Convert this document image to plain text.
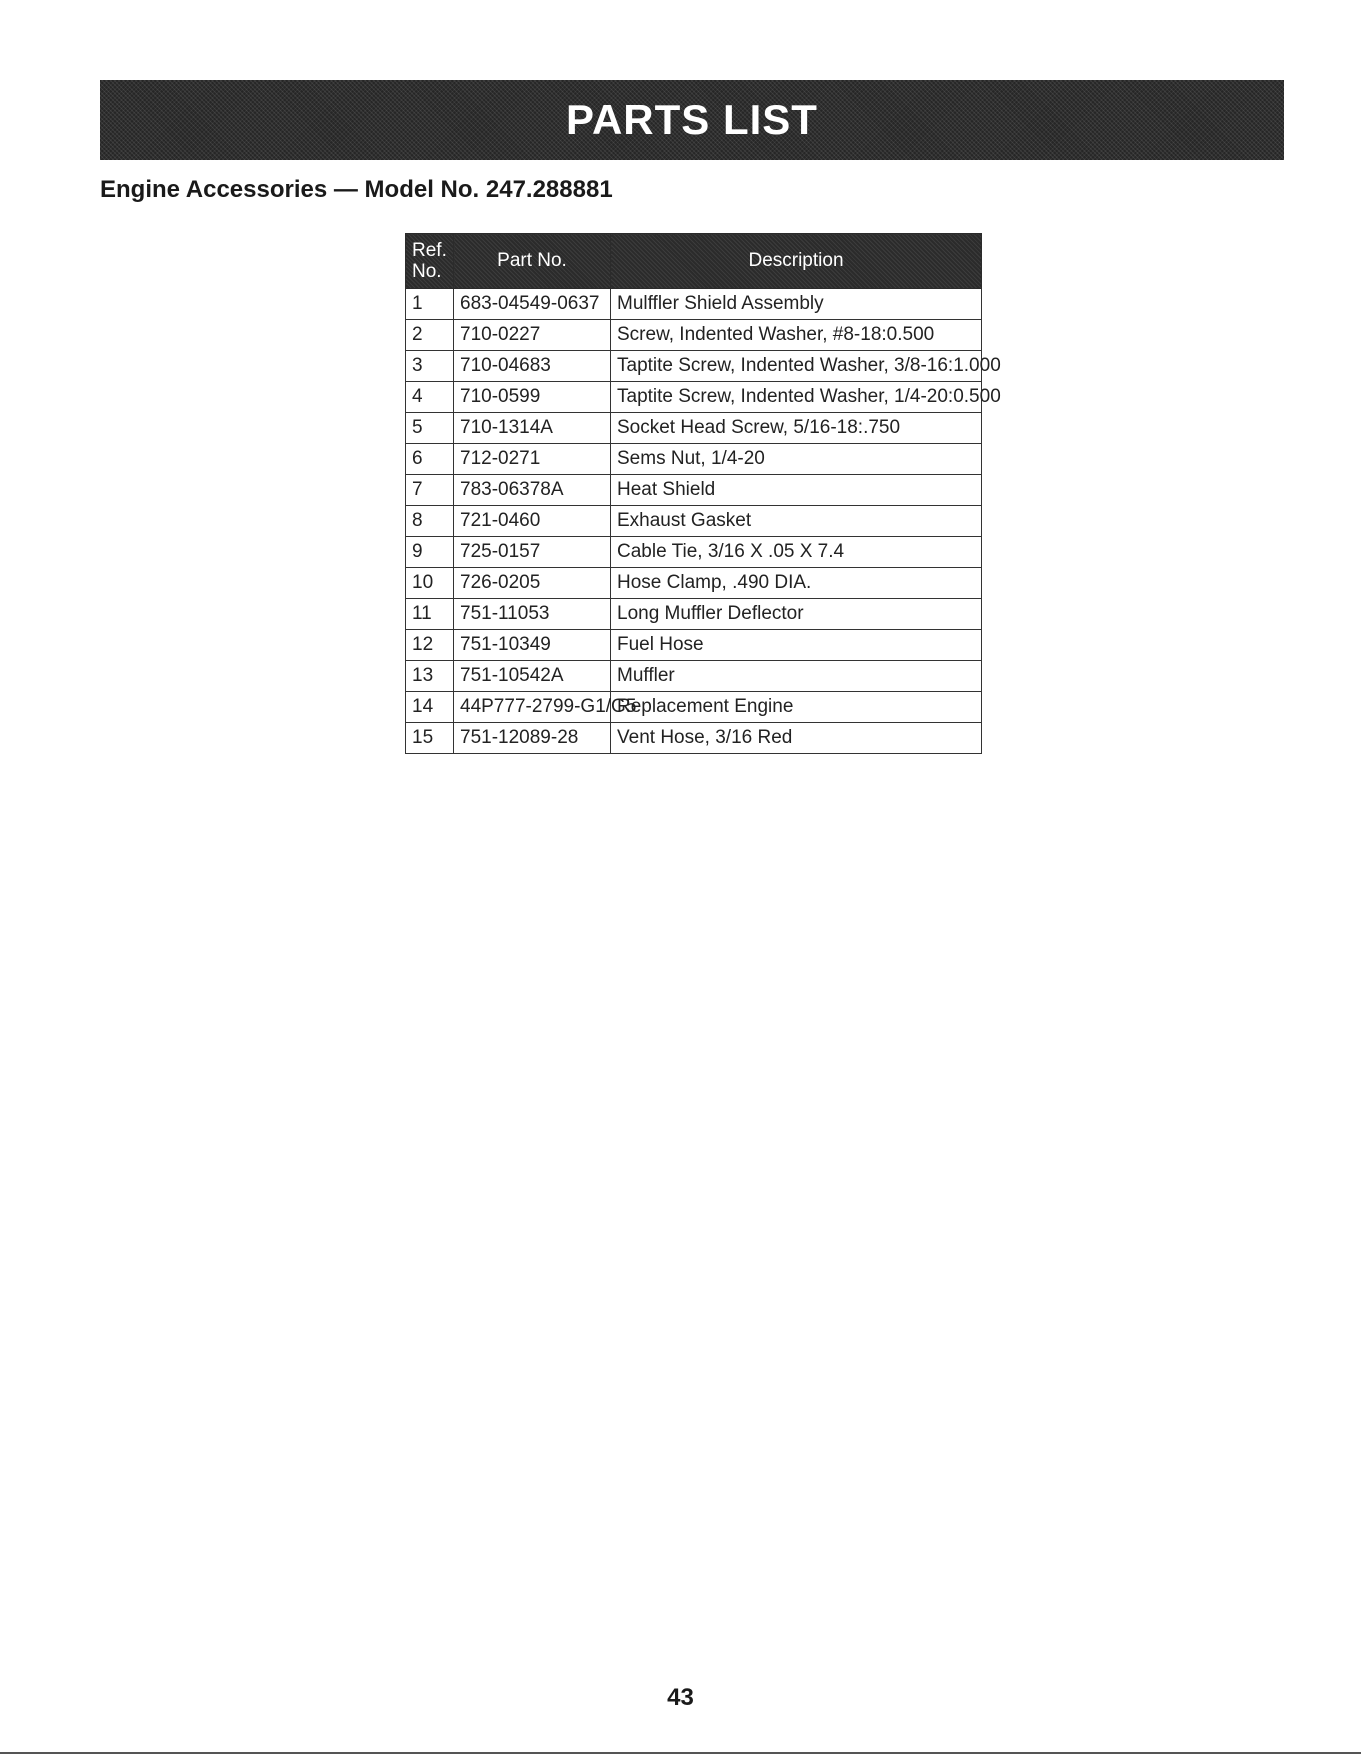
PARTS LIST
Engine Accessories — Model No. 247.288881
Ref.
No.	Part No.	Description
1	683-04549-0637	Mulffler Shield Assembly
2	710-0227	Screw, Indented Washer, #8-18:0.500
3	710-04683	Taptite Screw, Indented Washer, 3/8-16:1.000
4	710-0599	Taptite Screw, Indented Washer, 1/4-20:0.500
5	710-1314A	Socket Head Screw, 5/16-18:.750
6	712-0271	Sems Nut, 1/4-20
7	783-06378A	Heat Shield
8	721-0460	Exhaust Gasket
9	725-0157	Cable Tie, 3/16 X .05 X 7.4
10	726-0205	Hose Clamp, .490 DIA.
11	751-11053	Long Muffler Deflector
12	751-10349	Fuel Hose
13	751-10542A	Muffler
14	44P777-2799-G1/G5	Replacement Engine
15	751-12089-28	Vent Hose, 3/16 Red
43
